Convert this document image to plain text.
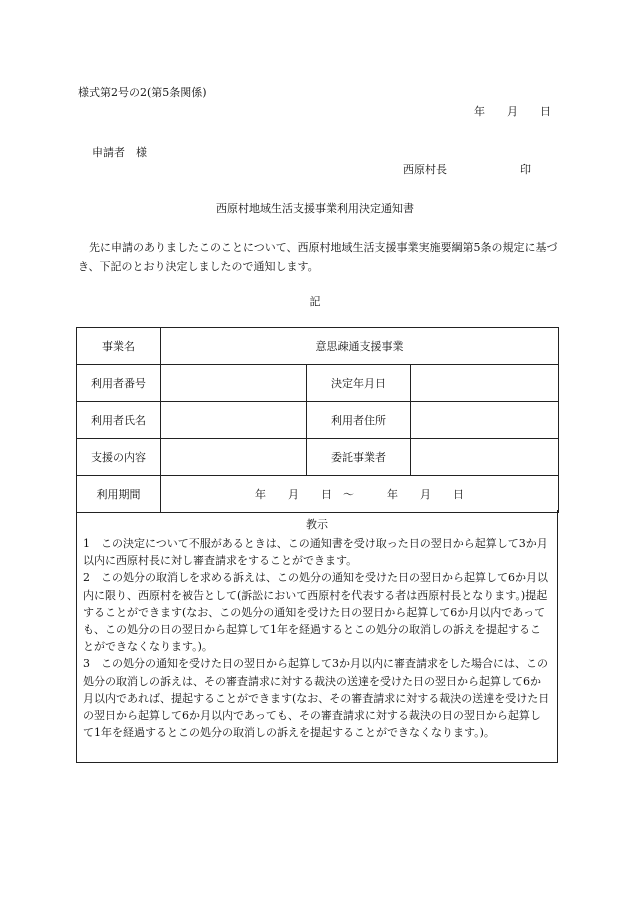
様式第2号の2(第5条関係)
年　　月　　日
申請者　様
西原村長	印
西原村地域生活支援事業利用決定通知書
先に申請のありましたこのことについて、西原村地域生活支援事業実施要綱第5条の規定に基づき、下記のとおり決定しましたので通知します。
記
事業名	意思疎通支援事業		
利用者番号		決定年月日	
利用者氏名		利用者住所	
支援の内容		委託事業者	
利用期間	年　　月　　日　～　　　年　　月　　日		
教示

1　この決定について不服があるときは、この通知書を受け取った日の翌日から起算して3か月以内に西原村長に対し審査請求をすることができます。

2　この処分の取消しを求める訴えは、この処分の通知を受けた日の翌日から起算して6か月以内に限り、西原村を被告として(訴訟において西原村を代表する者は西原村長となります。)提起することができます(なお、この処分の通知を受けた日の翌日から起算して6か月以内であっても、この処分の日の翌日から起算して1年を経過するとこの処分の取消しの訴えを提起することができなくなります。)。

3　この処分の通知を受けた日の翌日から起算して3か月以内に審査請求をした場合には、この処分の取消しの訴えは、その審査請求に対する裁決の送達を受けた日の翌日から起算して6か月以内であれば、提起することができます(なお、その審査請求に対する裁決の送達を受けた日の翌日から起算して6か月以内であっても、その審査請求に対する裁決の日の翌日から起算して1年を経過するとこの処分の取消しの訴えを提起することができなくなります。)。
